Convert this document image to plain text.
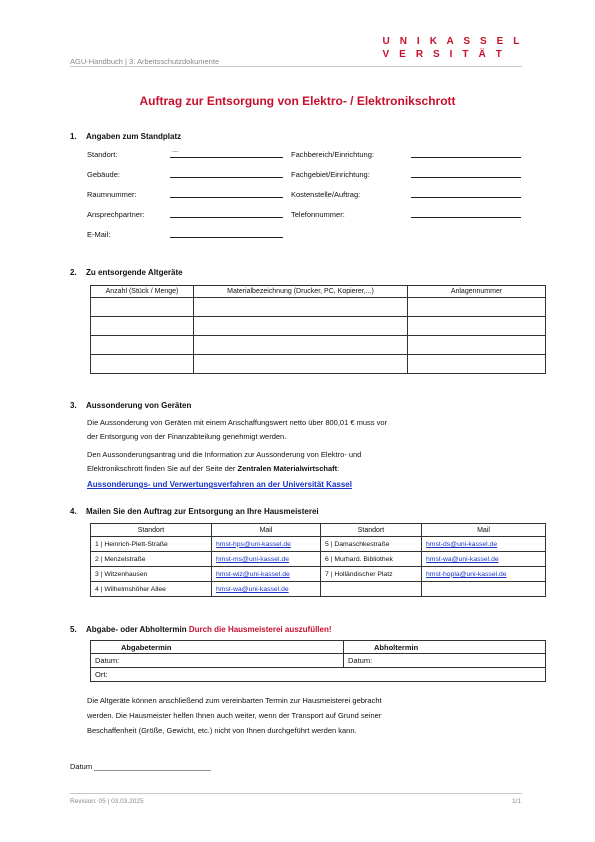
U N I K A S S E L
V E R S I T Ä T
AGU-Handbuch | 3. Arbeitsschutzdokumente
Auftrag zur Entsorgung von Elektro- / Elektronikschrott
1. Angaben zum Standplatz
...
Standort:
Gebäude:
Raumnummer:
Ansprechpartner:
E-Mail:
Fachbereich/Einrichtung:
Fachgebiet/Einrichtung:
Kostenstelle/Auftrag:
Telefonnummer:
2. Zu entsorgende Altgeräte
Anzahl (Stück / Menge)	Materialbezeichnung (Drucker, PC, Kopierer,...)	Anlagennummer

3. Aussonderung von Geräten
Die Aussonderung von Geräten mit einem Anschaffungswert netto über 800,01 € muss vor
der Entsorgung von der Finanzabteilung genehmigt werden.
Den Aussonderungsantrag und die Information zur Aussonderung von Elektro- und
Elektronikschrott finden Sie auf der Seite der Zentralen Materialwirtschaft:
Aussonderungs- und Verwertungsverfahren an der Universität Kassel
4. Mailen Sie den Auftrag zur Entsorgung an Ihre Hausmeisterei
Standort	Mail	Standort	Mail
1 | Heinrich-Plett-Straße	hmst-hps@uni-kassel.de	5 | Damaschkestraße	hmst-ds@uni-kassel.de
2 | Menzelstraße	hmst-ms@uni-kassel.de	6 | Murhard. Bibliothek	hmst-wa@uni-kassel.de
3 | Witzenhausen	hmst-wiz@uni-kassel.de	7 | Holländischer Platz	hmst-hopla@uni-kassel.de
4 | Wilhelmshöher Allee	hmst-wa@uni-kassel.de		
5. Abgabe- oder Abholtermin Durch die Hausmeisterei auszufüllen!
Abgabetermin	Abholtermin
Datum:	Datum:
Ort:	
Die Altgeräte können anschließend zum vereinbarten Termin zur Hausmeisterei gebracht
werden. Die Hausmeister helfen Ihnen auch weiter, wenn der Transport auf Grund seiner
Beschaffenheit (Größe, Gewicht, etc.) nicht von Ihnen durchgeführt werden kann.
Datum ____________________________
Revision: 05 | 03.03.2025	1/1
